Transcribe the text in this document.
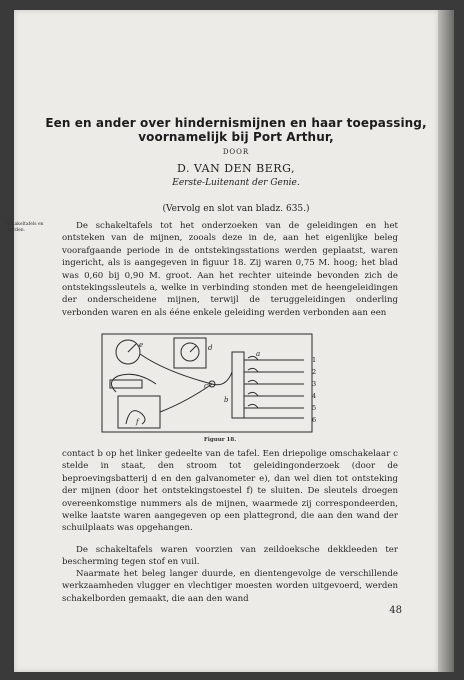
Een en ander over hindernismijnen en haar toepassing,
voornamelijk bij Port Arthur,
DOOR
D. VAN DEN BERG,
Eerste-Luitenant der Genie.
(Vervolg en slot van bladz. 635.)
Schakeltafels en -borden.	De schakeltafels tot het onderzoeken van de geleidingen en het ontsteken van de mijnen, zooals deze in de, aan het eigenlijke beleg voorafgaande periode in de ontstekingsstations werden geplaatst, waren ingericht, als is aangegeven in figuur 18. Zij waren 0,75 M. hoog; het blad was 0,60 bij 0,90 M. groot. Aan het rechter uiteinde bevonden zich de ontstekingssleutels a, welke in verbinding stonden met de heengeleidingen der onderscheidene mijnen, terwijl de teruggeleidingen onderling verbonden waren en als ééne enkele geleiding werden verbonden aan een

e	d
c
b
a
f
1
2
3
4
5
6
Figuur 18.

contact b op het linker gedeelte van de tafel. Een driepolige omschakelaar c stelde in staat, den stroom tot geleidingonderzoek (door de beproevingsbatterij d en den galvanometer e), dan wel dien tot ontsteking der mijnen (door het ontstekingstoestel f) te sluiten. De sleutels droegen overeenkomstige nummers als de mijnen, waarmede zij correspondeerden, welke laatste waren aangegeven op een plattegrond, die aan den wand der schuilplaats was opgehangen.

De schakeltafels waren voorzien van zeildoeksche dekkleeden ter bescherming tegen stof en vuil.

Naarmate het beleg langer duurde, en dientengevolge de verschillende werkzaamheden vlugger en vlechtiger moesten worden uitgevoerd, werden schakelborden gemaakt, die aan den wand

48
